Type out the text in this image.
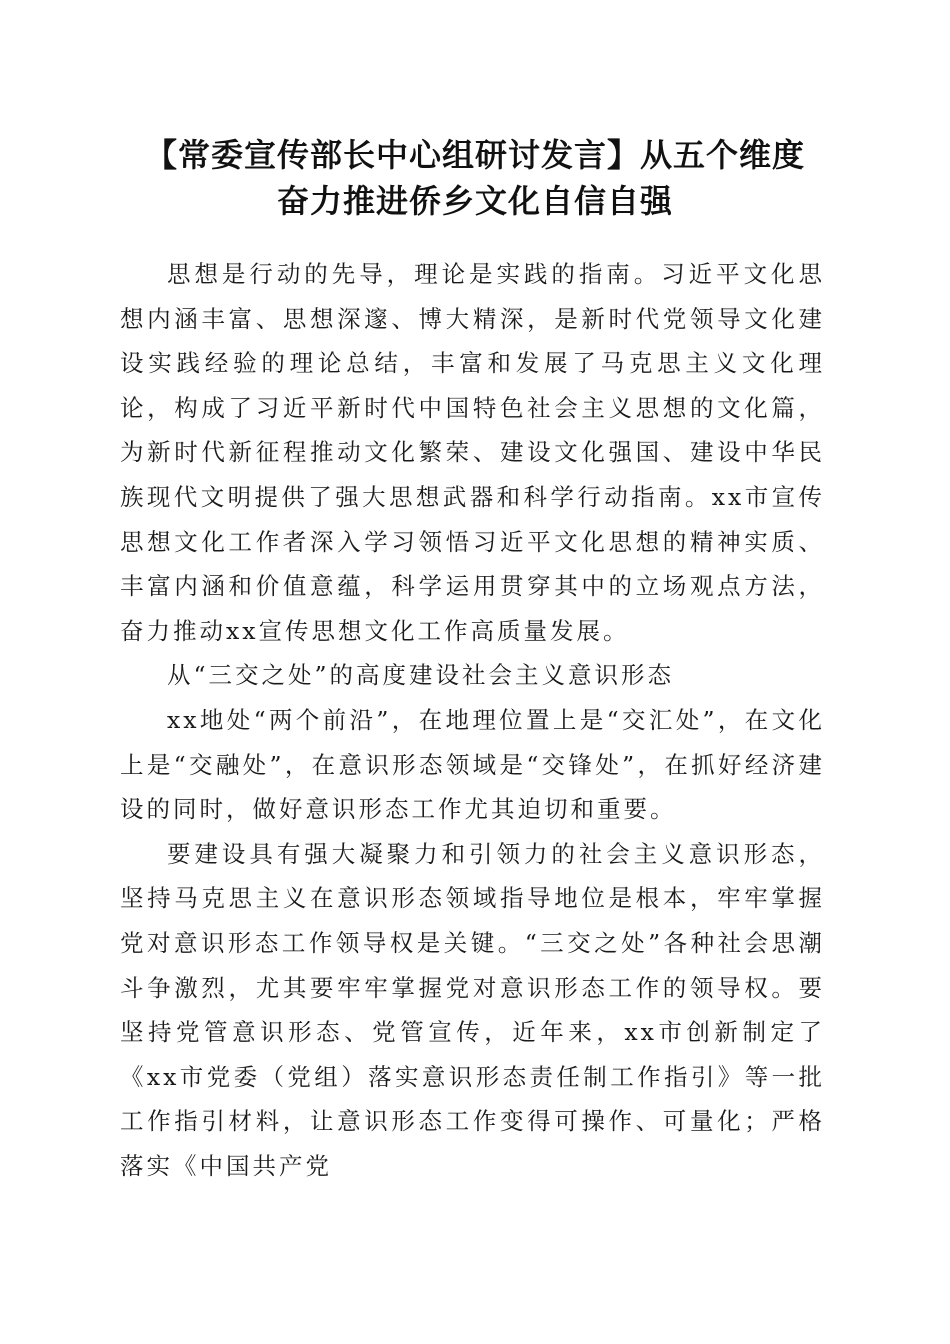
【常委宣传部长中心组研讨发言】从五个维度
奋力推进侨乡文化自信自强

思想是行动的先导，理论是实践的指南。习近平文化思想内涵丰富、思想深邃、博大精深，是新时代党领导文化建设实践经验的理论总结，丰富和发展了马克思主义文化理论，构成了习近平新时代中国特色社会主义思想的文化篇，为新时代新征程推动文化繁荣、建设文化强国、建设中华民族现代文明提供了强大思想武器和科学行动指南。xx市宣传思想文化工作者深入学习领悟习近平文化思想的精神实质、丰富内涵和价值意蕴，科学运用贯穿其中的立场观点方法，奋力推动xx宣传思想文化工作高质量发展。

从“三交之处”的高度建设社会主义意识形态

xx地处“两个前沿”，在地理位置上是“交汇处”，在文化上是“交融处”，在意识形态领域是“交锋处”，在抓好经济建设的同时，做好意识形态工作尤其迫切和重要。

要建设具有强大凝聚力和引领力的社会主义意识形态，坚持马克思主义在意识形态领域指导地位是根本，牢牢掌握党对意识形态工作领导权是关键。“三交之处”各种社会思潮斗争激烈，尤其要牢牢掌握党对意识形态工作的领导权。要坚持党管意识形态、党管宣传，近年来，xx市创新制定了《xx市党委（党组）落实意识形态责任制工作指引》等一批工作指引材料，让意识形态工作变得可操作、可量化；严格落实《中国共产党
